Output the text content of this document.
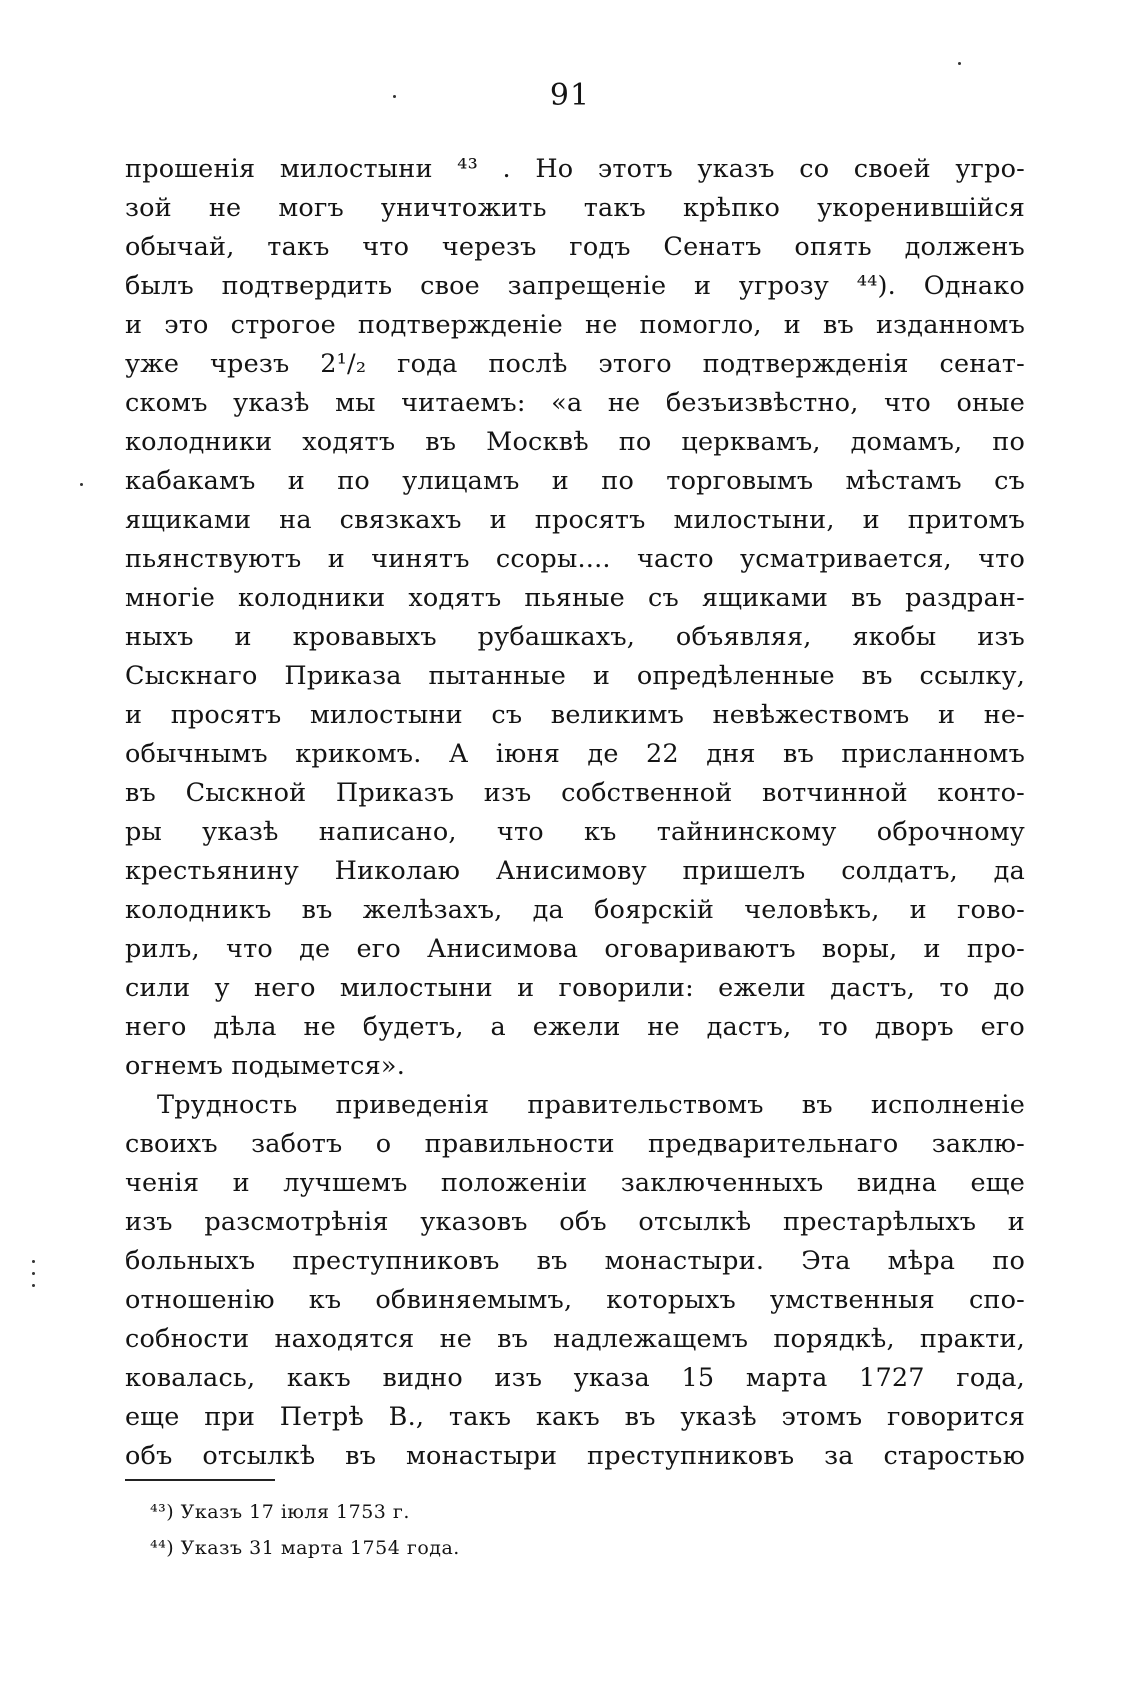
91
прошенія милостыни ⁴³ . Но этотъ указъ со своей угро-
зой не могъ уничтожить такъ крѣпко укоренившійся
обычай, такъ что черезъ годъ Сенатъ опять долженъ
былъ подтвердить свое запрещеніе и угрозу ⁴⁴). Однако
и это строгое подтвержденіе не помогло, и въ изданномъ
уже чрезъ 2¹/₂ года послѣ этого подтвержденія сенат-
скомъ указѣ мы читаемъ: «а не безъизвѣстно, что оные
колодники ходятъ въ Москвѣ по церквамъ, домамъ, по
кабакамъ и по улицамъ и по торговымъ мѣстамъ съ
ящиками на связкахъ и просятъ милостыни, и притомъ
пьянствуютъ и чинятъ ссоры.... часто усматривается, что
многіе колодники ходятъ пьяные съ ящиками въ раздран-
ныхъ и кровавыхъ рубашкахъ, объявляя, якобы изъ
Сыскнаго Приказа пытанные и опредѣленные въ ссылку,
и просятъ милостыни съ великимъ невѣжествомъ и не-
обычнымъ крикомъ. А іюня де 22 дня въ присланномъ
въ Сыскной Приказъ изъ собственной вотчинной конто-
ры указѣ написано, что къ тайнинскому оброчному
крестьянину Николаю Анисимову пришелъ солдатъ, да
колодникъ въ желѣзахъ, да боярскій человѣкъ, и гово-
рилъ, что де его Анисимова оговариваютъ воры, и про-
сили у него милостыни и говорили: ежели дастъ, то до
него дѣла не будетъ, а ежели не дастъ, то дворъ его
огнемъ подымется».
Трудность приведенія правительствомъ въ исполненіе
своихъ заботъ о правильности предварительнаго заклю-
ченія и лучшемъ положеніи заключенныхъ видна еще
изъ разсмотрѣнія указовъ объ отсылкѣ престарѣлыхъ и
больныхъ преступниковъ въ монастыри. Эта мѣра по
отношенію къ обвиняемымъ, которыхъ умственныя спо-
собности находятся не въ надлежащемъ порядкѣ, практи,
ковалась, какъ видно изъ указа 15 марта 1727 года,
еще при Петрѣ В., такъ какъ въ указѣ этомъ говорится
объ отсылкѣ въ монастыри преступниковъ за старостью
⁴³) Указъ 17 іюля 1753 г.
⁴⁴) Указъ 31 марта 1754 года.
